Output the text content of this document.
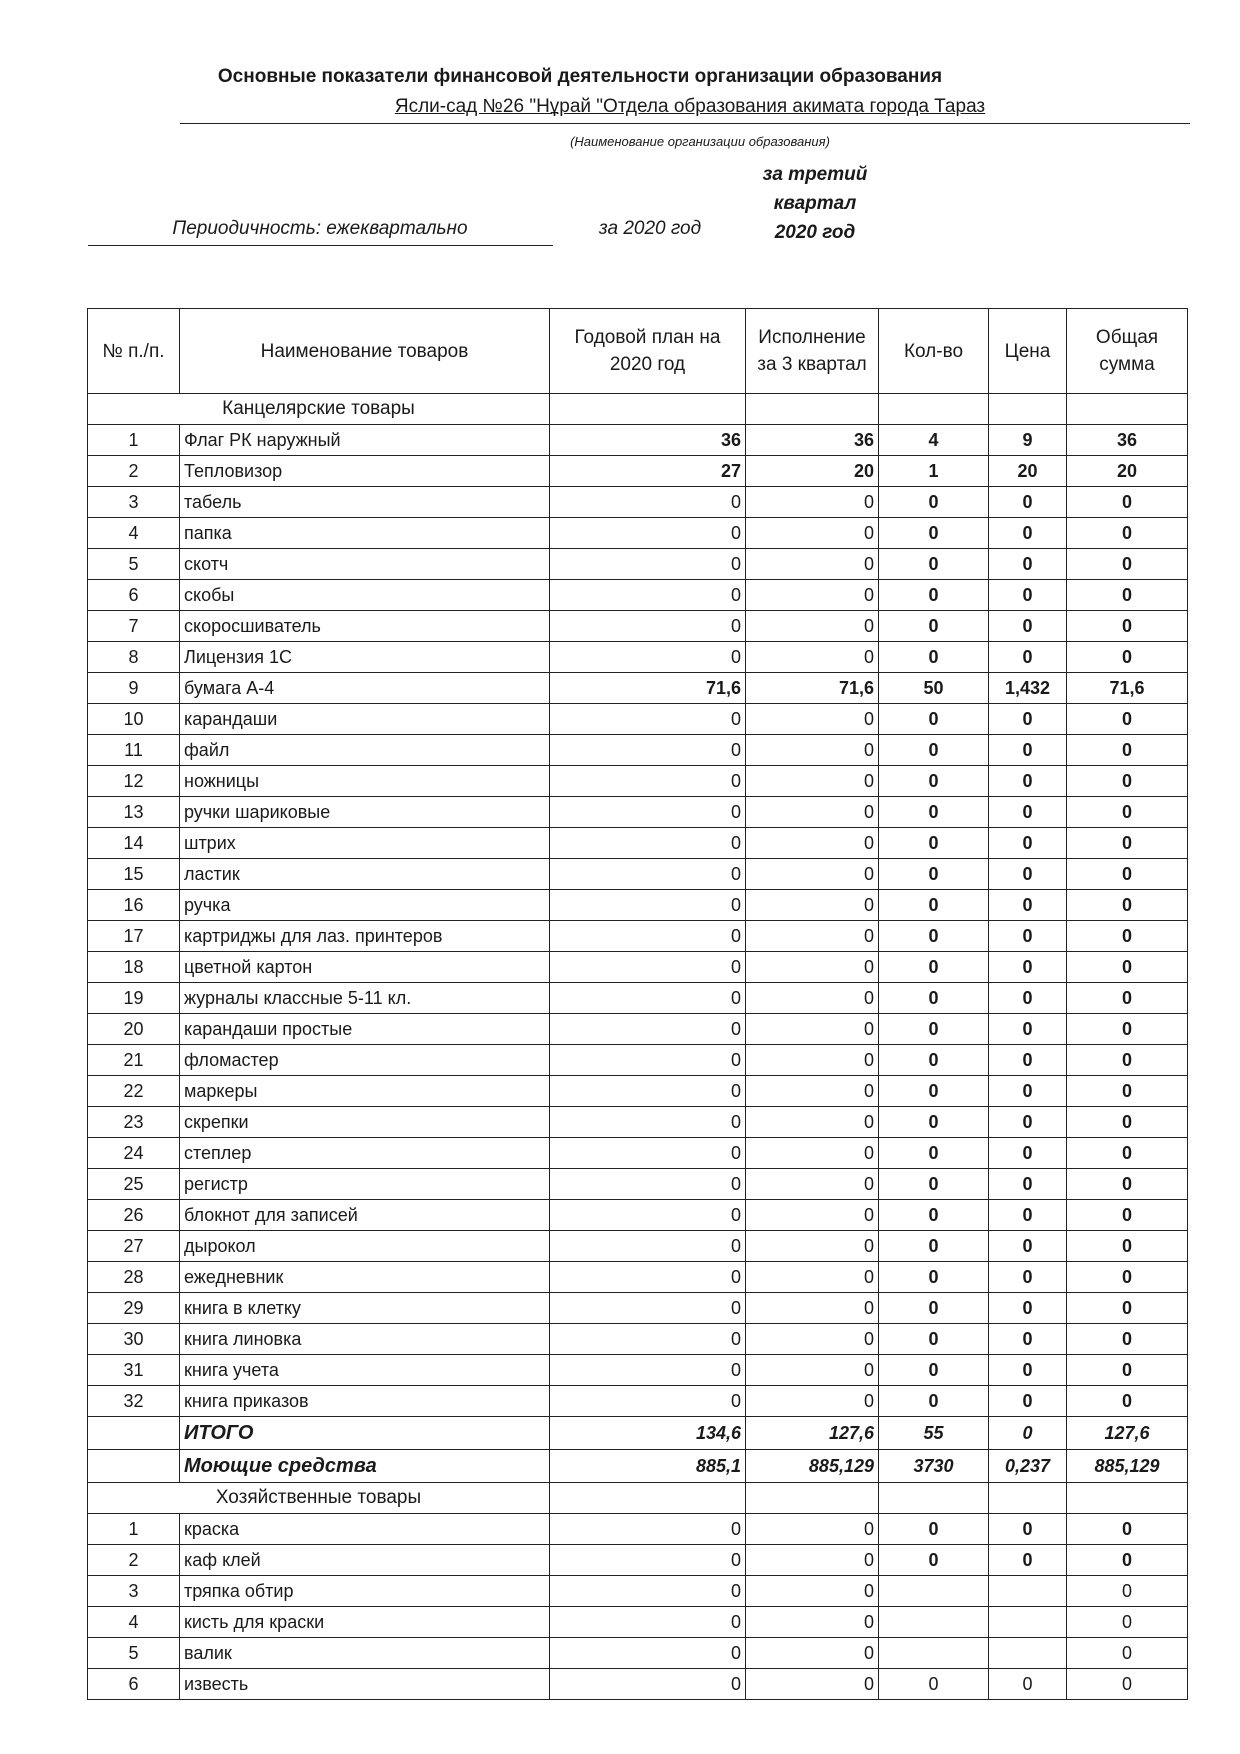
Основные показатели финансовой деятельности организации образования
Ясли-сад №26 "Нұрай "Отдела образования акимата города Тараз
(Наименование организации образования)
за третий
квартал
2020 год
Периодичность: ежеквартально	за 2020 год
№ п./п.	Наименование товаров	Годовой план на 2020 год	Исполнение за 3 квартал	Кол-во	Цена	Общая сумма
Канцелярские товары						
1	Флаг РК наружный	36	36	4	9	36
2	Тепловизор	27	20	1	20	20
3	табель	0	0	0	0	0
4	папка	0	0	0	0	0
5	скотч	0	0	0	0	0
6	скобы	0	0	0	0	0
7	скоросшиватель	0	0	0	0	0
8	Лицензия 1С	0	0	0	0	0
9	бумага А-4	71,6	71,6	50	1,432	71,6
10	карандаши	0	0	0	0	0
11	файл	0	0	0	0	0
12	ножницы	0	0	0	0	0
13	ручки шариковые	0	0	0	0	0
14	штрих	0	0	0	0	0
15	ластик	0	0	0	0	0
16	ручка	0	0	0	0	0
17	картриджы для лаз. принтеров	0	0	0	0	0
18	цветной картон	0	0	0	0	0
19	журналы классные 5-11 кл.	0	0	0	0	0
20	карандаши простые	0	0	0	0	0
21	фломастер	0	0	0	0	0
22	маркеры	0	0	0	0	0
23	скрепки	0	0	0	0	0
24	степлер	0	0	0	0	0
25	регистр	0	0	0	0	0
26	блокнот для записей	0	0	0	0	0
27	дырокол	0	0	0	0	0
28	ежедневник	0	0	0	0	0
29	книга в клетку	0	0	0	0	0
30	книга линовка	0	0	0	0	0
31	книга учета	0	0	0	0	0
32	книга приказов	0	0	0	0	0
	ИТОГО	134,6	127,6	55	0	127,6
	Моющие средства	885,1	885,129	3730	0,237	885,129
Хозяйственные товары						
1	краска	0	0	0	0	0
2	каф клей	0	0	0	0	0
3	тряпка обтир	0	0			0
4	кисть для краски	0	0			0
5	валик	0	0			0
6	известь	0	0	0	0	0
